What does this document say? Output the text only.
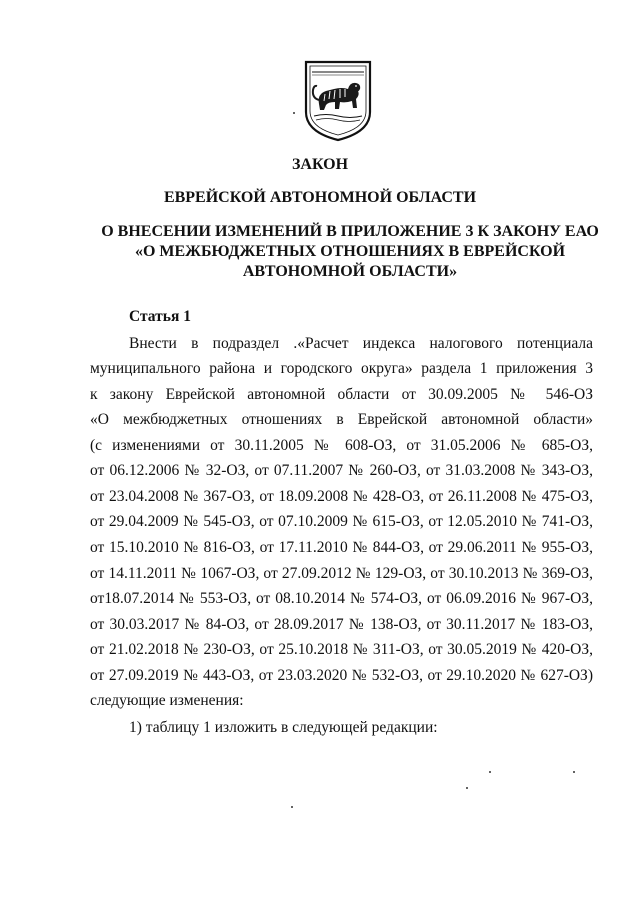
ЗАКОН
ЕВРЕЙСКОЙ АВТОНОМНОЙ ОБЛАСТИ
О ВНЕСЕНИИ ИЗМЕНЕНИЙ В ПРИЛОЖЕНИЕ 3 К ЗАКОНУ ЕАО
«О МЕЖБЮДЖЕТНЫХ ОТНОШЕНИЯХ В ЕВРЕЙСКОЙ
АВТОНОМНОЙ ОБЛАСТИ»
Статья 1
Внести в подраздел .«Расчет индекса налогового потенциала
муниципального района и городского округа» раздела 1 приложения 3
к закону Еврейской автономной области от 30.09.2005 № 546-ОЗ
«О межбюджетных отношениях в Еврейской автономной области»
(с изменениями от 30.11.2005 № 608-ОЗ, от 31.05.2006 № 685-ОЗ,
от 06.12.2006 № 32-ОЗ, от 07.11.2007 № 260-ОЗ, от 31.03.2008 № 343-ОЗ,
от 23.04.2008 № 367-ОЗ, от 18.09.2008 № 428-ОЗ, от 26.11.2008 № 475-ОЗ,
от 29.04.2009 № 545-ОЗ, от 07.10.2009 № 615-ОЗ, от 12.05.2010 № 741-ОЗ,
от 15.10.2010 № 816-ОЗ, от 17.11.2010 № 844-ОЗ, от 29.06.2011 № 955-ОЗ,
от 14.11.2011 № 1067-ОЗ, от 27.09.2012 № 129-ОЗ, от 30.10.2013 № 369-ОЗ,
от18.07.2014 № 553-ОЗ, от 08.10.2014 № 574-ОЗ, от 06.09.2016 № 967-ОЗ,
от 30.03.2017 № 84-ОЗ, от 28.09.2017 № 138-ОЗ, от 30.11.2017 № 183-ОЗ,
от 21.02.2018 № 230-ОЗ, от 25.10.2018 № 311-ОЗ, от 30.05.2019 № 420-ОЗ,
от 27.09.2019 № 443-ОЗ, от 23.03.2020 № 532-ОЗ, от 29.10.2020 № 627-ОЗ)
следующие изменения:
1) таблицу 1 изложить в следующей редакции:
